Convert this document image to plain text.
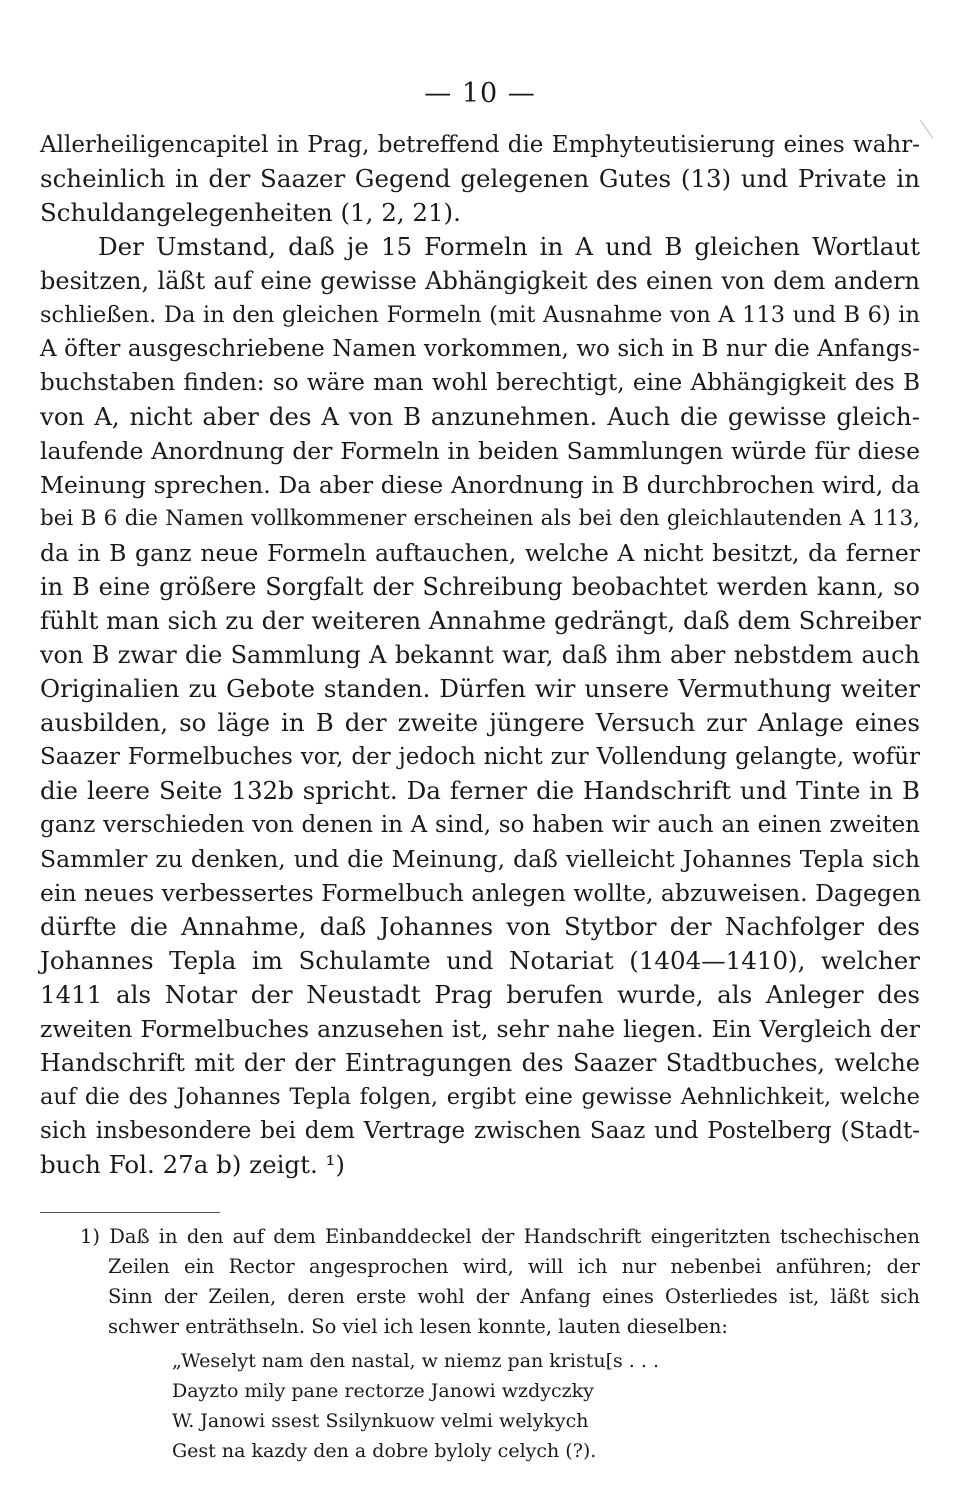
— 10 —
Allerheiligencapitel in Prag, betreffend die Emphyteutisierung eines wahr-
scheinlich in der Saazer Gegend gelegenen Gutes (13) und Private in
Schuldangelegenheiten (1, 2, 21).
Der Umstand, daß je 15 Formeln in A und B gleichen Wortlaut
besitzen, läßt auf eine gewisse Abhängigkeit des einen von dem andern
schließen. Da in den gleichen Formeln (mit Ausnahme von A 113 und B 6) in
A öfter ausgeschriebene Namen vorkommen, wo sich in B nur die Anfangs-
buchstaben finden: so wäre man wohl berechtigt, eine Abhängigkeit des B
von A, nicht aber des A von B anzunehmen. Auch die gewisse gleich-
laufende Anordnung der Formeln in beiden Sammlungen würde für diese
Meinung sprechen. Da aber diese Anordnung in B durchbrochen wird, da
bei B 6 die Namen vollkommener erscheinen als bei den gleichlautenden A 113,
da in B ganz neue Formeln auftauchen, welche A nicht besitzt, da ferner
in B eine größere Sorgfalt der Schreibung beobachtet werden kann, so
fühlt man sich zu der weiteren Annahme gedrängt, daß dem Schreiber
von B zwar die Sammlung A bekannt war, daß ihm aber nebstdem auch
Originalien zu Gebote standen. Dürfen wir unsere Vermuthung weiter
ausbilden, so läge in B der zweite jüngere Versuch zur Anlage eines
Saazer Formelbuches vor, der jedoch nicht zur Vollendung gelangte, wofür
die leere Seite 132b spricht. Da ferner die Handschrift und Tinte in B
ganz verschieden von denen in A sind, so haben wir auch an einen zweiten
Sammler zu denken, und die Meinung, daß vielleicht Johannes Tepla sich
ein neues verbessertes Formelbuch anlegen wollte, abzuweisen. Dagegen
dürfte die Annahme, daß Johannes von Stytbor der Nachfolger des
Johannes Tepla im Schulamte und Notariat (1404—1410), welcher
1411 als Notar der Neustadt Prag berufen wurde, als Anleger des
zweiten Formelbuches anzusehen ist, sehr nahe liegen. Ein Vergleich der
Handschrift mit der der Eintragungen des Saazer Stadtbuches, welche
auf die des Johannes Tepla folgen, ergibt eine gewisse Aehnlichkeit, welche
sich insbesondere bei dem Vertrage zwischen Saaz und Postelberg (Stadt-
buch Fol. 27a b) zeigt. ¹)
1) Daß in den auf dem Einbanddeckel der Handschrift eingeritzten tschechischen
Zeilen ein Rector angesprochen wird, will ich nur nebenbei anführen; der
Sinn der Zeilen, deren erste wohl der Anfang eines Osterliedes ist, läßt sich
schwer enträthseln. So viel ich lesen konnte, lauten dieselben:
„Weselyt nam den nastal, w niemz pan kristu[s . . .
Dayzto mily pane rectorze Janowi wzdyczky
W. Janowi ssest Ssilynkuow velmi welykych
Gest na kazdy den a dobre byloly celych (?).
